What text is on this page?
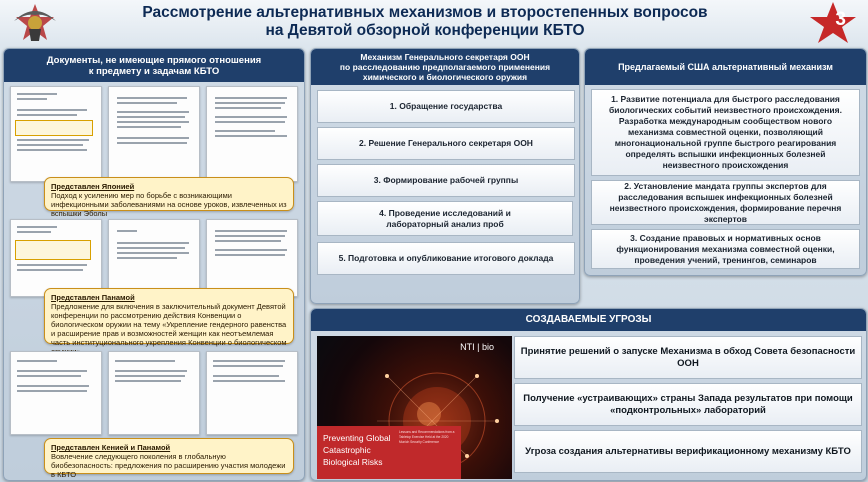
Рассмотрение альтернативных механизмов и второстепенных вопросов
на Девятой обзорной конференции КБТО
3
Документы, не имеющие прямого отношения
к предмету и задачам КБТО
Представлен Японией
Подход к усилению мер по борьбе с возникающими инфекционными заболеваниями на основе уроков, извлеченных из вспышки Эболы
Представлен Панамой
Предложение для включения в заключительный документ Девятой конференции по рассмотрению действия Конвенции о биологическом оружии на тему «Укрепление гендерного равенства и расширение прав и возможностей женщин как неотъемлемая часть институционального укрепления Конвенции о биологическом
Представлен Кенией и Панамой
Вовлечение следующего поколения в глобальную биобезопасность: предложения по расширению участия молодежи в КБТО
Механизм Генерального секретаря ООН
по расследованию предполагаемого применения
химического и биологического оружия
1. Обращение государства
2. Решение Генерального секретаря ООН
3. Формирование рабочей группы
4. Проведение исследований и лабораторный анализ проб
5. Подготовка и опубликование итогового доклада
Предлагаемый США альтернативный механизм
1. Развитие потенциала для быстрого расследования биологических событий неизвестного происхождения. Разработка международным сообществом нового механизма совместной оценки, позволяющий многонациональной группе быстрого реагирования определять вспышки инфекционных болезней неизвестного происхождения
2. Установление мандата группы экспертов для расследования вспышек инфекционных болезней неизвестного происхождения, формирование перечня экспертов
3. Создание правовых и нормативных основ функционирования механизма совместной оценки, проведения учений, тренингов, семинаров
СОЗДАВАЕМЫЕ УГРОЗЫ
NTI | bio
Preventing Global
Catastrophic
Biological Risks
Lessons and Recommendations from a Tabletop Exercise Held at the 2020 Munich Security Conference
Принятие решений о запуске Механизма в обход Совета безопасности ООН
Получение «устраивающих» страны Запада результатов при помощи «подконтрольных» лабораторий
Угроза создания альтернативы верификационному механизму КБТО
